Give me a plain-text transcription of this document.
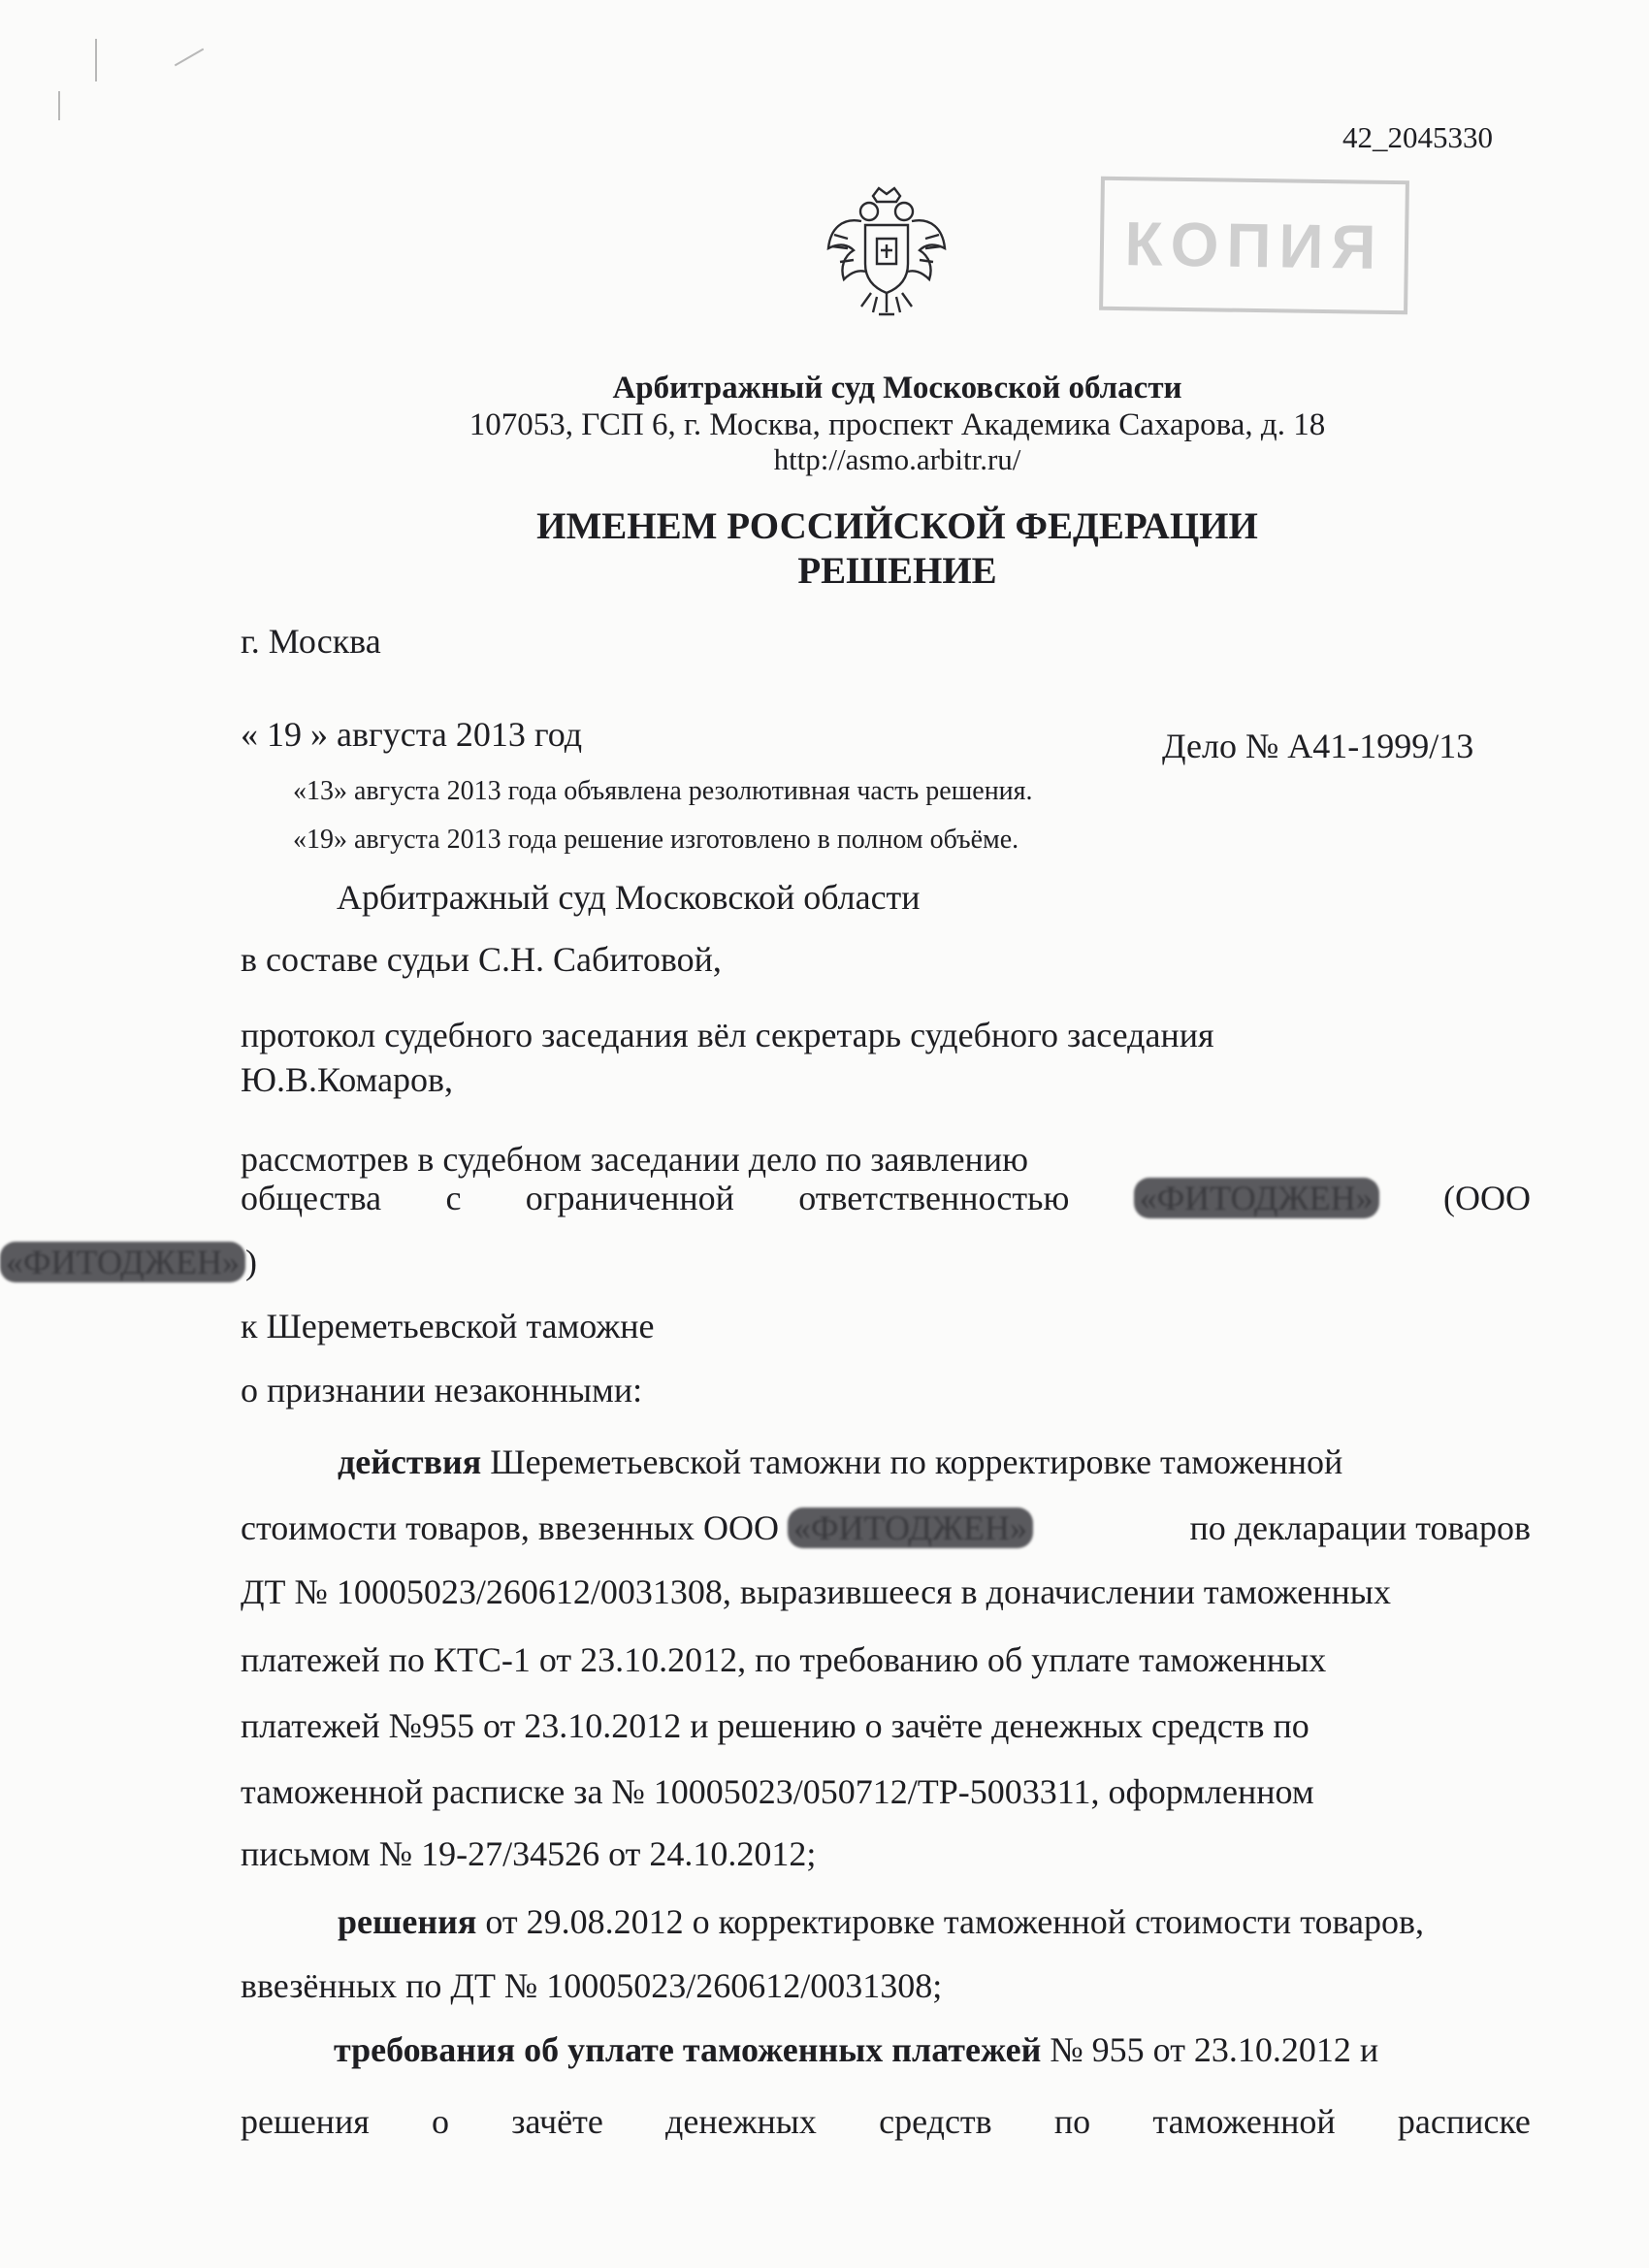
42_2045330
КОПИЯ
Арбитражный суд Московской области
107053, ГСП 6, г. Москва, проспект Академика Сахарова, д. 18
http://asmo.arbitr.ru/
ИМЕНЕМ РОССИЙСКОЙ ФЕДЕРАЦИИ
РЕШЕНИЕ
г. Москва
« 19 » августа 2013 год	Дело № А41-1999/13
«13» августа 2013 года объявлена резолютивная часть решения.
«19» августа 2013 года решение изготовлено в полном объёме.
Арбитражный суд Московской области
в составе судьи С.Н. Сабитовой,
протокол судебного заседания вёл секретарь судебного заседания
Ю.В.Комаров,
рассмотрев в судебном заседании дело по заявлению
общества с ограниченной ответственностью «ФИТОДЖЕН» (ООО
«ФИТОДЖЕН» )
к Шереметьевской таможне
о признании незаконными:
действия Шереметьевской таможни по корректировке таможенной
стоимости товаров, ввезенных ООО «ФИТОДЖЕН»	по декларации товаров
ДТ № 10005023/260612/0031308, выразившееся в доначислении таможенных
платежей по КТС-1 от 23.10.2012, по требованию об уплате таможенных
платежей №955 от 23.10.2012 и решению о зачёте денежных средств по
таможенной расписке за № 10005023/050712/ТР-5003311, оформленном
письмом № 19-27/34526 от 24.10.2012;
решения от 29.08.2012 о корректировке таможенной стоимости товаров,
ввезённых по ДТ № 10005023/260612/0031308;
требования об уплате таможенных платежей № 955 от 23.10.2012 и
решения о зачёте денежных средств по таможенной расписке
